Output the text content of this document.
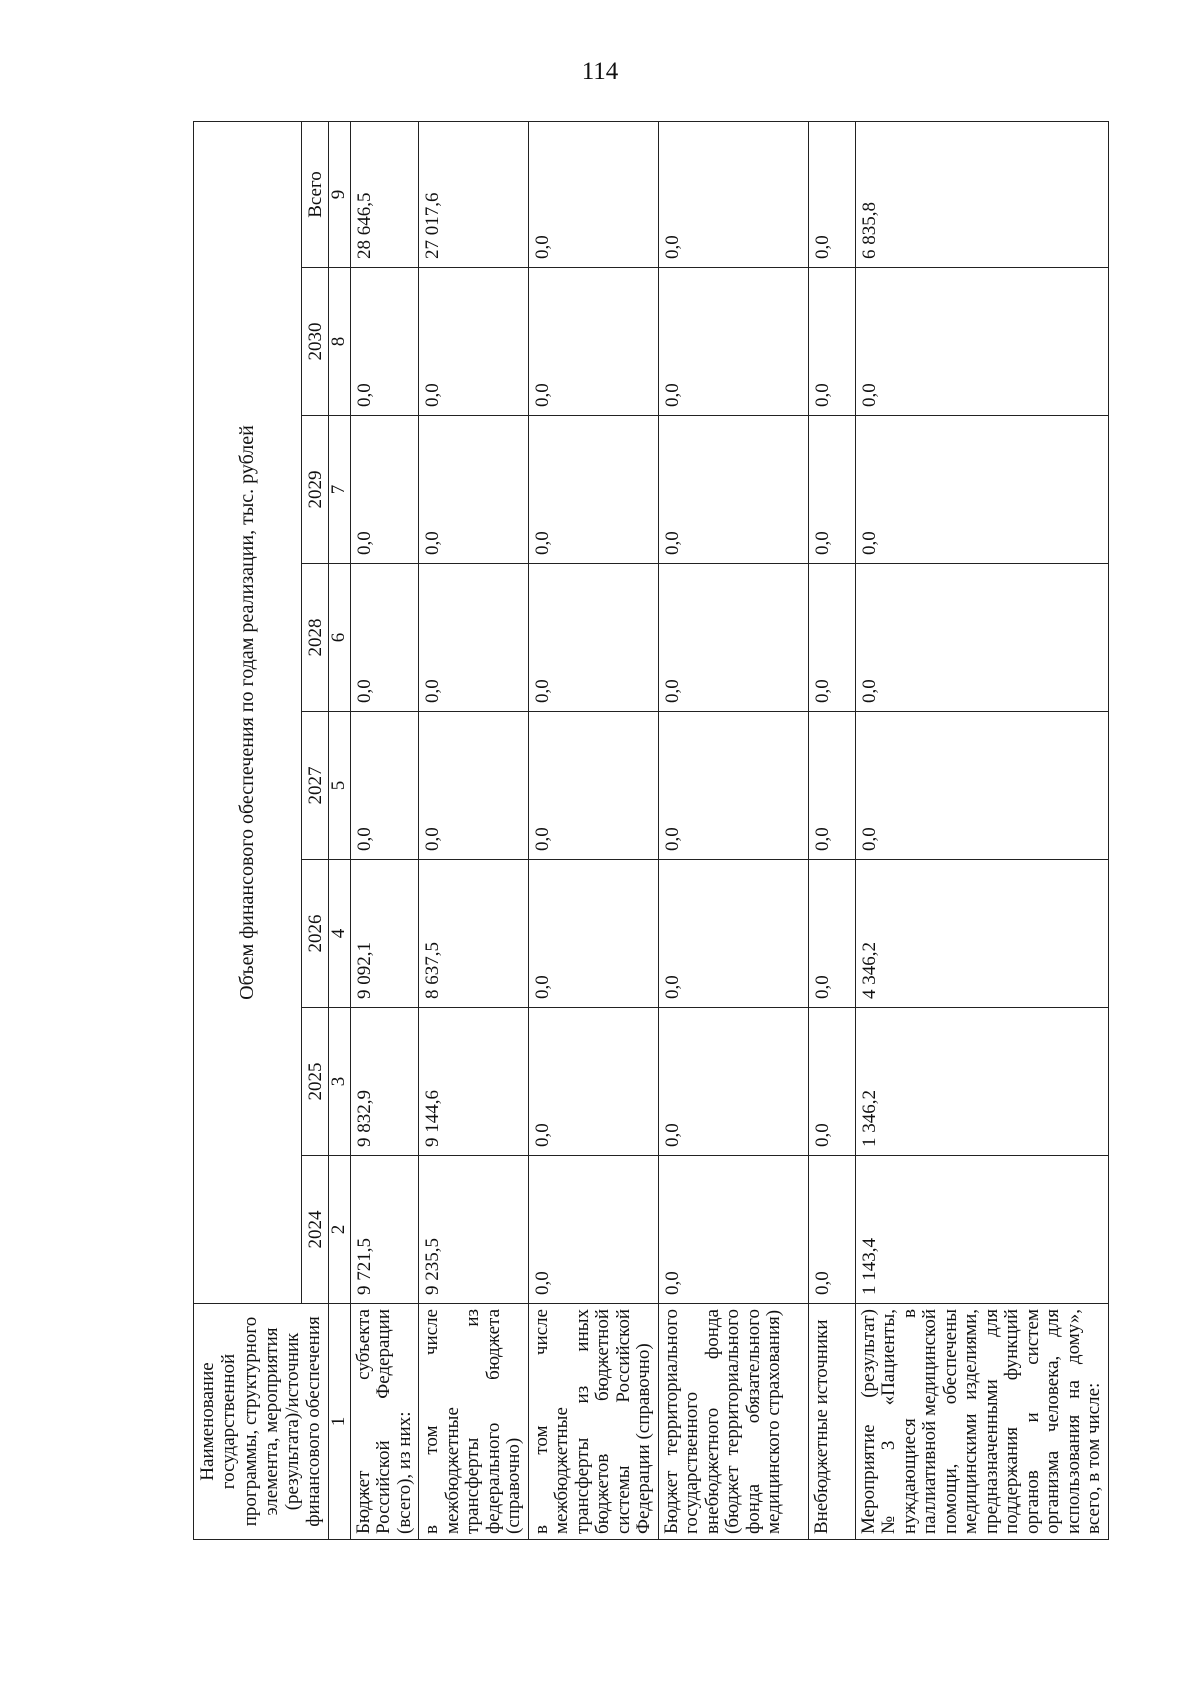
114
Наименование государственной программы, структурного элемента, мероприятия (результата)/источник финансового обеспечения	Объем финансового обеспечения по годам реализации, тыс. рублей							
	2024	2025	2026	2027	2028	2029	2030	Всего
1	2	3	4	5	6	7	8	9
Бюджет субъекта Российской Федерации (всего), из них:	9 721,5	9 832,9	9 092,1	0,0	0,0	0,0	0,0	28 646,5
в том числе межбюджетные трансферты из федерального бюджета (справочно)	9 235,5	9 144,6	8 637,5	0,0	0,0	0,0	0,0	27 017,6
в том числе межбюджетные трансферты из иных бюджетов бюджетной системы Российской Федерации (справочно)	0,0	0,0	0,0	0,0	0,0	0,0	0,0	0,0
Бюджет территориального государственного внебюджетного фонда (бюджет территориального фонда обязательного медицинского страхования)	0,0	0,0	0,0	0,0	0,0	0,0	0,0	0,0
Внебюджетные источники	0,0	0,0	0,0	0,0	0,0	0,0	0,0	0,0
Мероприятие (результат) № 3 «Пациенты, нуждающиеся в паллиативной медицинской помощи, обеспечены медицинскими изделиями, предназначенными для поддержания функций органов и систем организма человека, для использования на дому», всего, в том числе:	1 143,4	1 346,2	4 346,2	0,0	0,0	0,0	0,0	6 835,8
